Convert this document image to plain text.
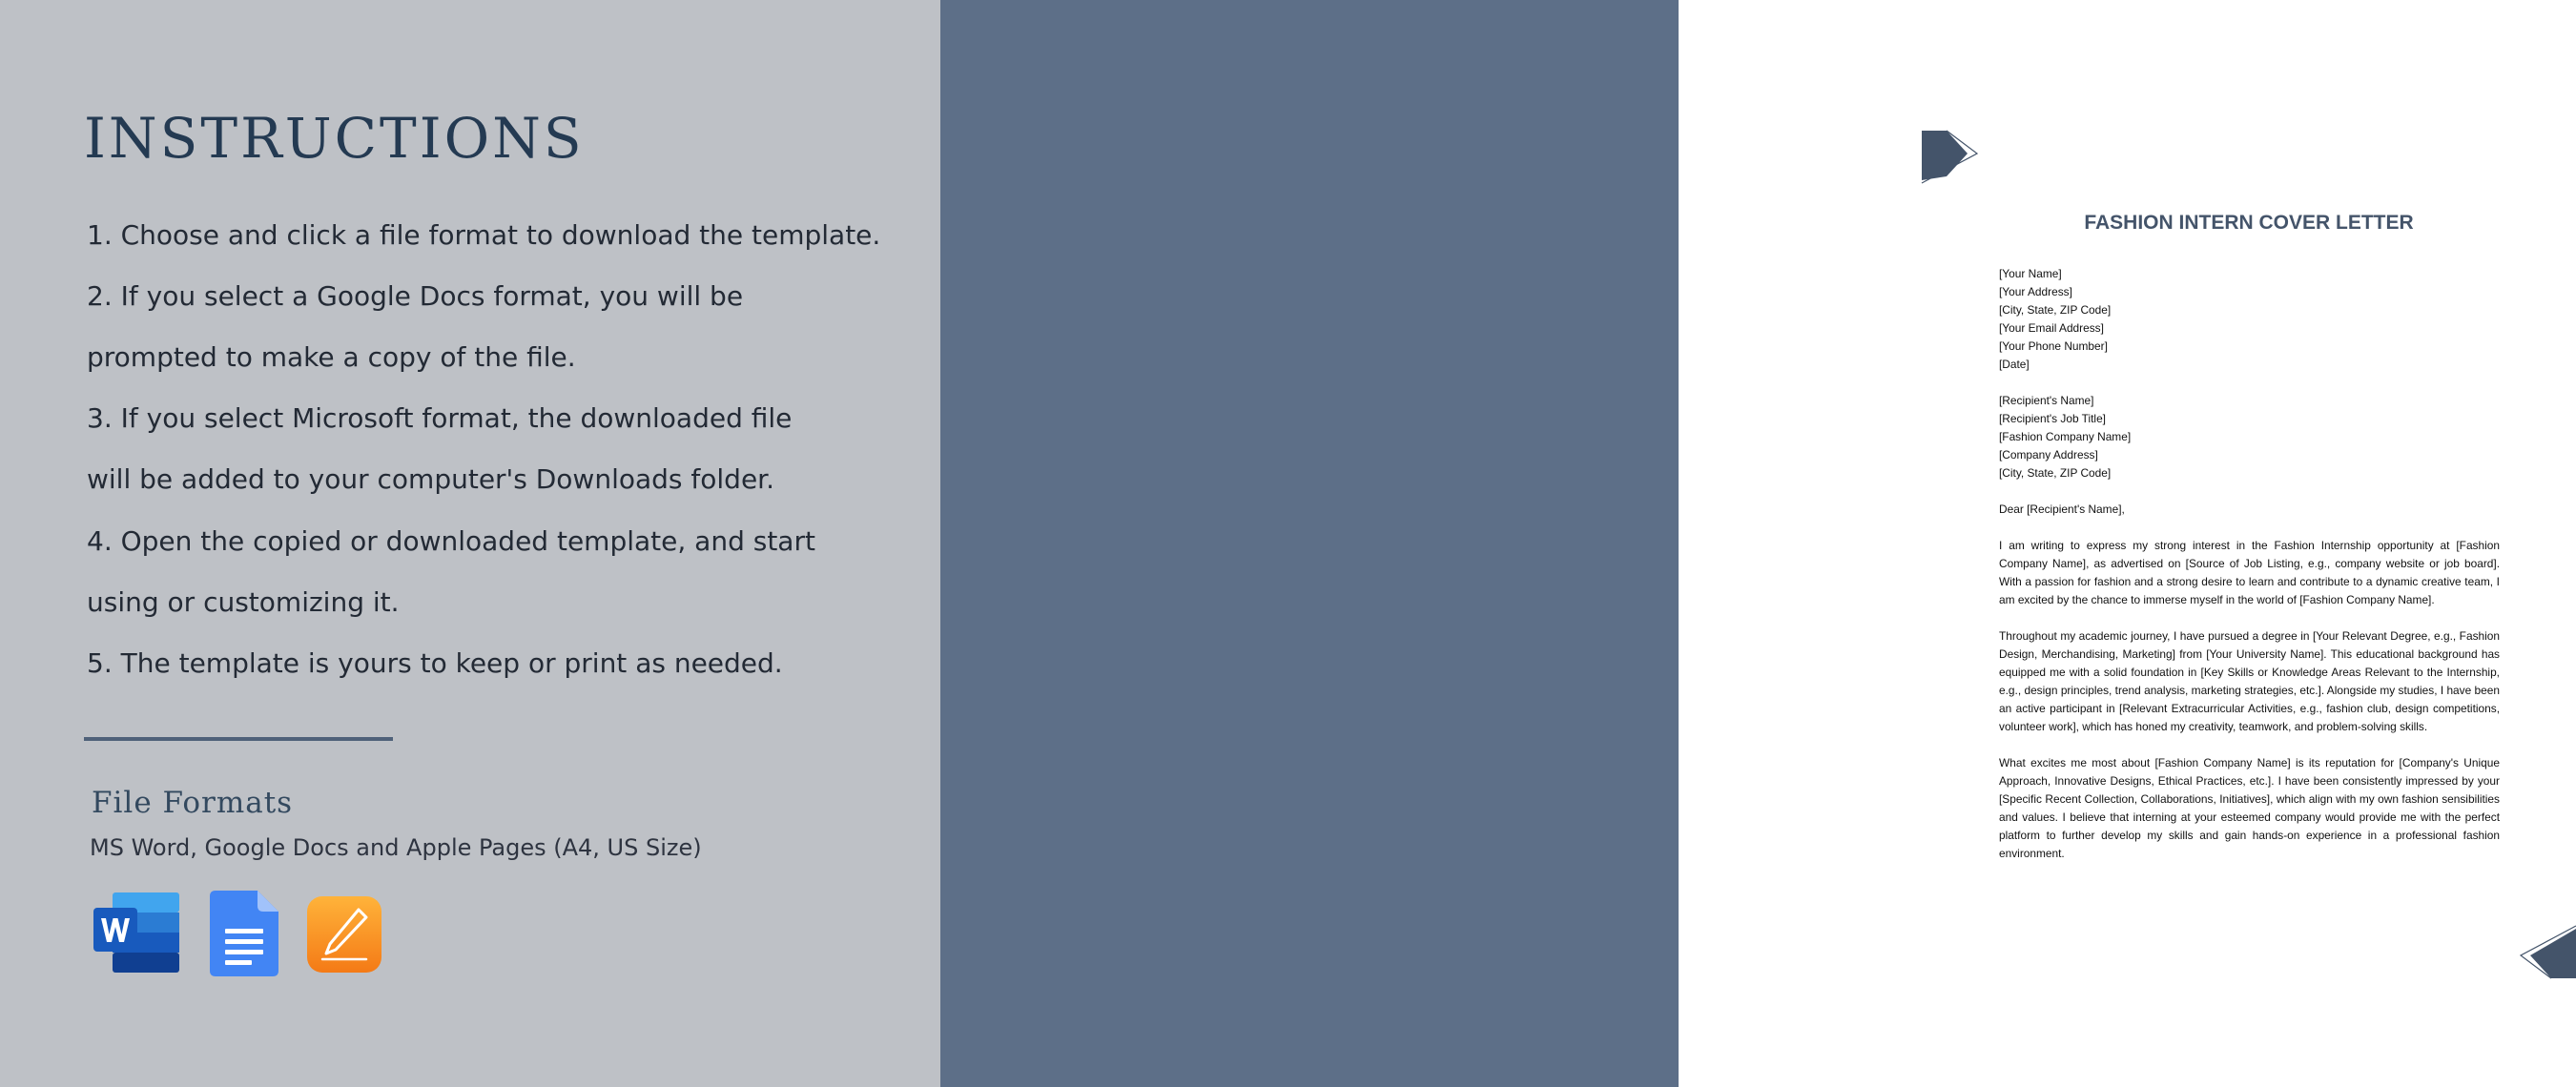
INSTRUCTIONS

1. Choose and click a file format to download the template.

2. If you select a Google Docs format, you will be

prompted to make a copy of the file.

3. If you select Microsoft format, the downloaded file

will be added to your computer's Downloads folder.

4. Open the copied or downloaded template, and start

using or customizing it.

5. The template is yours to keep or print as needed.

File Formats

MS Word, Google Docs and Apple Pages (A4, US Size)

FASHION INTERN COVER LETTER
[Your Name]
[Your Address]
[City, State, ZIP Code]
[Your Email Address]
[Your Phone Number]
[Date]
[Recipient's Name]
[Recipient's Job Title]
[Fashion Company Name]
[Company Address]
[City, State, ZIP Code]
Dear [Recipient's Name],

I am writing to express my strong interest in the Fashion Internship opportunity at [Fashion Company Name], as advertised on [Source of Job Listing, e.g., company website or job board]. With a passion for fashion and a strong desire to learn and contribute to a dynamic creative team, I am excited by the chance to immerse myself in the world of [Fashion Company Name].

Throughout my academic journey, I have pursued a degree in [Your Relevant Degree, e.g., Fashion Design, Merchandising, Marketing] from [Your University Name]. This educational background has equipped me with a solid foundation in [Key Skills or Knowledge Areas Relevant to the Internship, e.g., design principles, trend analysis, marketing strategies, etc.]. Alongside my studies, I have been an active participant in [Relevant Extracurricular Activities, e.g., fashion club, design competitions, volunteer work], which has honed my creativity, teamwork, and problem-solving skills.

What excites me most about [Fashion Company Name] is its reputation for [Company's Unique Approach, Innovative Designs, Ethical Practices, etc.]. I have been consistently impressed by your [Specific Recent Collection, Collaborations, Initiatives], which align with my own fashion sensibilities and values. I believe that interning at your esteemed company would provide me with the perfect platform to further develop my skills and gain hands-on experience in a professional fashion environment.
